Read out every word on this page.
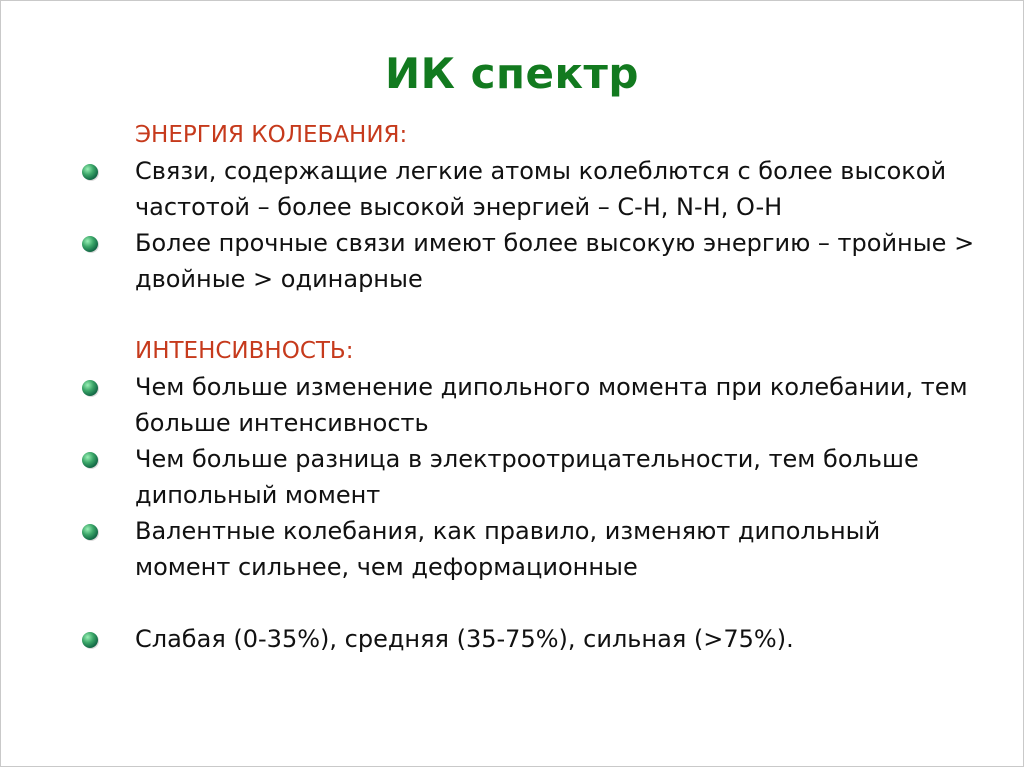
ИК спектр
ЭНЕРГИЯ КОЛЕБАНИЯ:
Связи, содержащие легкие атомы колеблются с более высокой частотой – более высокой энергией – С-Н, N-H, O-H
Более прочные связи имеют более высокую энергию – тройные > двойные > одинарные
ИНТЕНСИВНОСТЬ:
Чем больше изменение дипольного момента при колебании, тем больше интенсивность
Чем больше разница в электроотрицательности, тем больше дипольный момент
Валентные колебания, как правило, изменяют дипольный момент сильнее, чем деформационные
Слабая (0-35%), средняя (35-75%), сильная (>75%).
